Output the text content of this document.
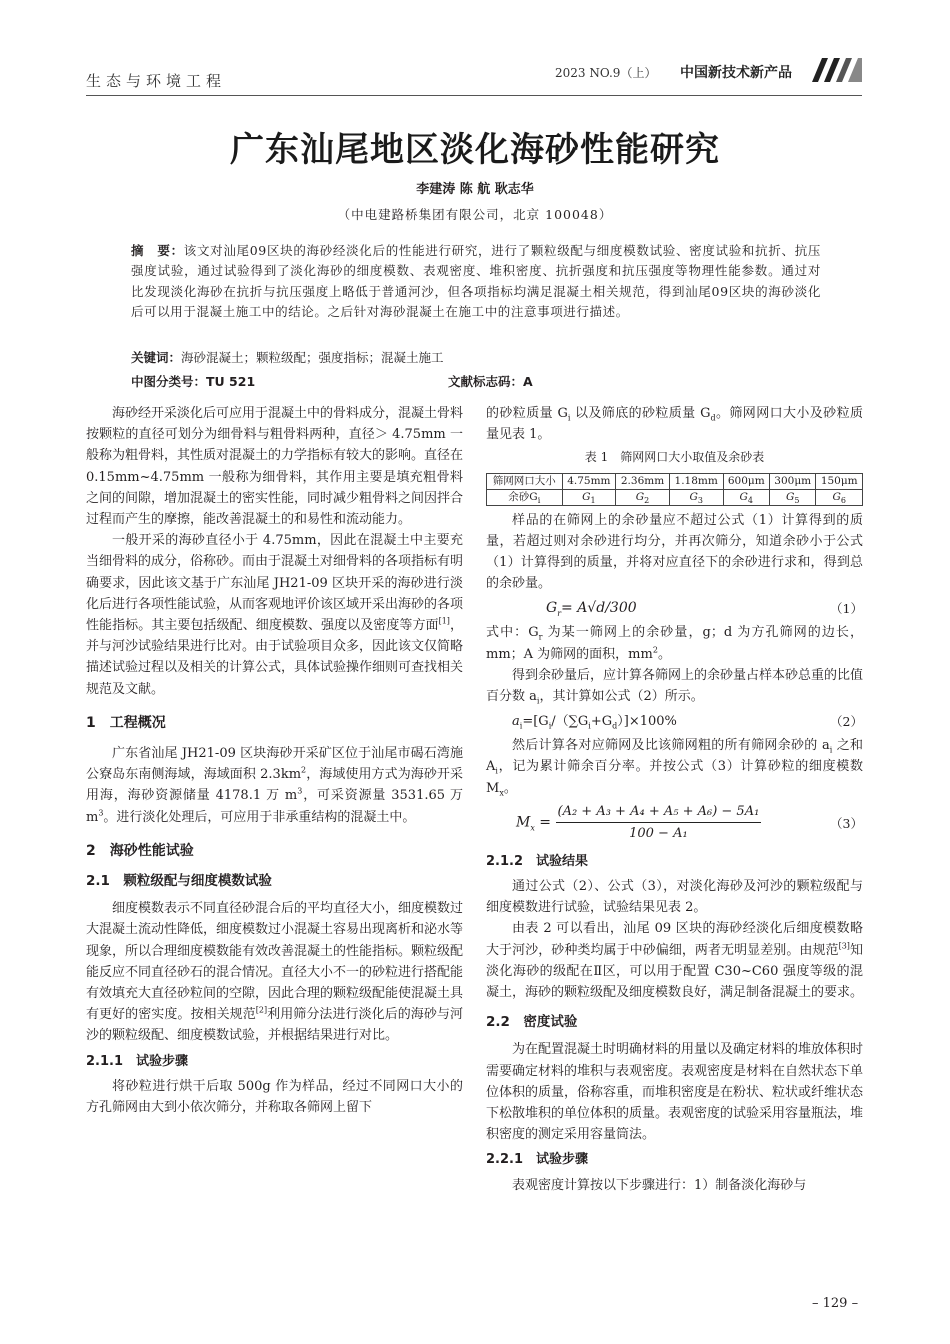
生态与环境工程	2023 NO.9（上） 中国新技术新产品
广东汕尾地区淡化海砂性能研究
李建涛 陈 航 耿志华
（中电建路桥集团有限公司，北京 100048）
摘　要：该文对汕尾09区块的海砂经淡化后的性能进行研究，进行了颗粒级配与细度模数试验、密度试验和抗折、抗压强度试验，通过试验得到了淡化海砂的细度模数、表观密度、堆积密度、抗折强度和抗压强度等物理性能参数。通过对比发现淡化海砂在抗折与抗压强度上略低于普通河沙，但各项指标均满足混凝土相关规范，得到汕尾09区块的海砂淡化后可以用于混凝土施工中的结论。之后针对海砂混凝土在施工中的注意事项进行描述。
关键词：海砂混凝土；颗粒级配；强度指标；混凝土施工
中图分类号：TU 521	文献标志码：A

海砂经开采淡化后可应用于混凝土中的骨料成分，混凝土骨料按颗粒的直径可划分为细骨料与粗骨料两种，直径＞ 4.75mm 一般称为粗骨料，其性质对混凝土的力学指标有较大的影响。直径在 0.15mm~4.75mm 一般称为细骨料，其作用主要是填充粗骨料之间的间隙，增加混凝土的密实性能，同时减少粗骨料之间因拌合过程而产生的摩擦，能改善混凝土的和易性和流动能力。

一般开采的海砂直径小于 4.75mm，因此在混凝土中主要充当细骨料的成分，俗称砂。而由于混凝土对细骨料的各项指标有明确要求，因此该文基于广东汕尾 JH21-09 区块开采的海砂进行淡化后进行各项性能试验，从而客观地评价该区域开采出海砂的各项性能指标。其主要包括级配、细度模数、强度以及密度等方面[1]，并与河沙试验结果进行比对。由于试验项目众多，因此该文仅简略描述试验过程以及相关的计算公式，具体试验操作细则可查找相关规范及文献。

1　工程概况

广东省汕尾 JH21-09 区块海砂开采矿区位于汕尾市碣石湾施公寮岛东南侧海域，海域面积 $2.3km^2$，海域使用方式为海砂开采用海，海砂资源储量 4178.1 万 $m^3$，可采资源量 3531.65 万 $m^3$。进行淡化处理后，可应用于非承重结构的混凝土中。

2　海砂性能试验
2.1　颗粒级配与细度模数试验

细度模数表示不同直径砂混合后的平均直径大小，细度模数过大混凝土流动性降低，细度模数过小混凝土容易出现离析和泌水等现象，所以合理细度模数能有效改善混凝土的性能指标。颗粒级配能反应不同直径砂石的混合情况。直径大小不一的砂粒进行搭配能有效填充大直径砂粒间的空隙，因此合理的颗粒级配能使混凝土具有更好的密实度。按相关规范[2]利用筛分法进行淡化后的海砂与河沙的颗粒级配、细度模数试验，并根据结果进行对比。

2.1.1　试验步骤

将砂粒进行烘干后取 500g 作为样品，经过不同网口大小的方孔筛网由大到小依次筛分，并称取各筛网上留下

的砂粒质量 $G_i$ 以及筛底的砂粒质量 $G_d$。筛网网口大小及砂粒质量见表 1。

表 1　筛网网口大小取值及余砂表
筛网网口大小	4.75mm	2.36mm	1.18mm	600μm	300μm	150μm
余砂$G_i$	$G_1$	$G_2$	$G_3$	$G_4$	$G_5$	$G_6$

样品的在筛网上的余砂量应不超过公式（1）计算得到的质量，若超过则对余砂进行均分，并再次筛分，知道余砂小于公式（1）计算得到的质量，并将对应直径下的余砂进行求和，得到总的余砂量。

$G_r= A√d/300$	（1）

式中：$G_r$ 为某一筛网上的余砂量，g；d 为方孔筛网的边长，mm；A 为筛网的面积，$mm^2$。

得到余砂量后，应计算各筛网上的余砂量占样本砂总重的比值百分数 $a_i$，其计算如公式（2）所示。

$a_i=[G_i/(\sum G_i+G_d)]\times 100\%$	（2）

然后计算各对应筛网及比该筛网粗的所有筛网余砂的 $a_i$ 之和 $A_i$，记为累计筛余百分率。并按公式（3）计算砂粒的细度模数 $M_x$。

$M_x = \frac{\text{(A₂ + A₃ + A₄ + A₅ + A₆) − 5A₁}}{\text{100 − A₁}}$	（3）
2.1.2　试验结果

通过公式（2）、公式（3），对淡化海砂及河沙的颗粒级配与细度模数进行试验，试验结果见表 2。

由表 2 可以看出，汕尾 09 区块的海砂经淡化后细度模数略大于河沙，砂种类均属于中砂偏细，两者无明显差别。由规范[3]知淡化海砂的级配在Ⅱ区，可以用于配置 C30~C60 强度等级的混凝土，海砂的颗粒级配及细度模数良好，满足制备混凝土的要求。

2.2　密度试验

为在配置混凝土时明确材料的用量以及确定材料的堆放体积时需要确定材料的堆积与表观密度。表观密度是材料在自然状态下单位体积的质量，俗称容重，而堆积密度是在粉状、粒状或纤维状态下松散堆积的单位体积的质量。表观密度的试验采用容量瓶法，堆积密度的测定采用容量筒法。

2.2.1　试验步骤

表观密度计算按以下步骤进行：1）制备淡化海砂与

– 129 –
